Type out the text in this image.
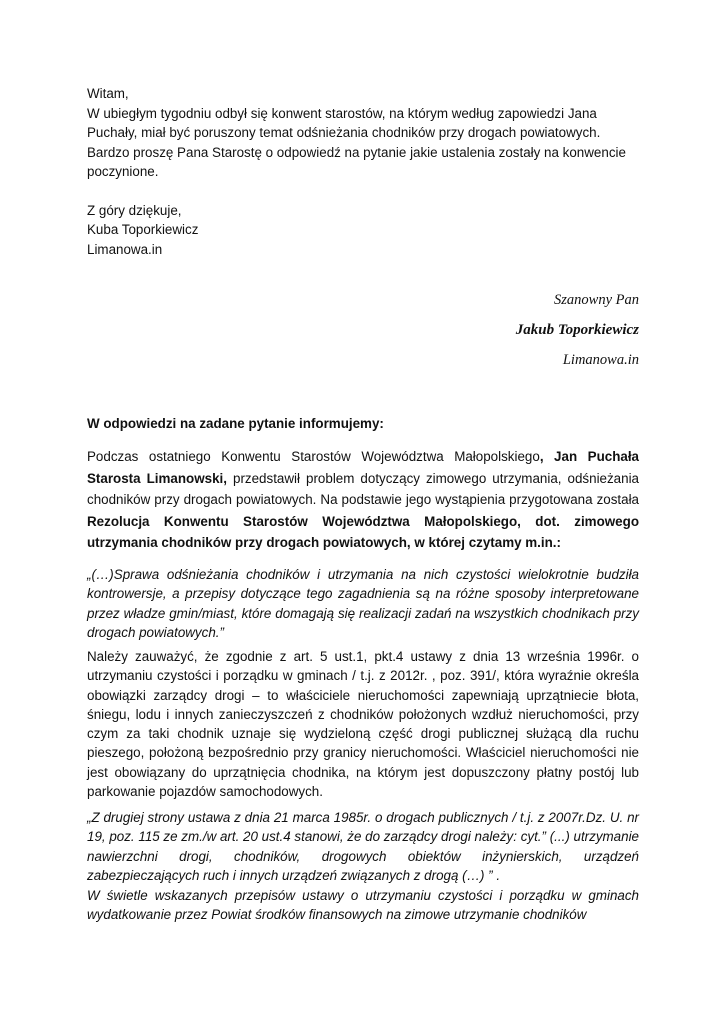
Witam,
W ubiegłym tygodniu odbył się konwent starostów, na którym według zapowiedzi Jana
Puchały, miał być poruszony temat odśnieżania chodników przy drogach powiatowych.
Bardzo proszę Pana Starostę o odpowiedź na pytanie jakie ustalenia zostały na konwencie
poczynione.
Z góry dziękuje,
Kuba Toporkiewicz
Limanowa.in
Szanowny Pan
Jakub Toporkiewicz
Limanowa.in
W odpowiedzi na zadane pytanie informujemy:
Podczas ostatniego Konwentu Starostów Województwa Małopolskiego, Jan Puchała Starosta Limanowski, przedstawił problem dotyczący zimowego utrzymania, odśnieżania chodników przy drogach powiatowych. Na podstawie jego wystąpienia przygotowana została Rezolucja Konwentu Starostów Województwa Małopolskiego, dot. zimowego utrzymania chodników przy drogach powiatowych, w której czytamy m.in.:
„(…)Sprawa odśnieżania chodników i utrzymania na nich czystości wielokrotnie budziła kontrowersje, a przepisy dotyczące tego zagadnienia są na różne sposoby interpretowane przez władze gmin/miast, które domagają się realizacji zadań na wszystkich chodnikach przy drogach powiatowych.”
Należy zauważyć, że zgodnie z art. 5 ust.1, pkt.4 ustawy z dnia 13 września 1996r. o utrzymaniu czystości i porządku w gminach / t.j. z 2012r. , poz. 391/, która wyraźnie określa obowiązki zarządcy drogi – to właściciele nieruchomości zapewniają uprzątniecie błota, śniegu, lodu i innych zanieczyszczeń z chodników położonych wzdłuż nieruchomości, przy czym za taki chodnik uznaje się wydzieloną część drogi publicznej służącą dla ruchu pieszego, położoną bezpośrednio przy granicy nieruchomości. Właściciel nieruchomości nie jest obowiązany do uprzątnięcia chodnika, na którym jest dopuszczony płatny postój lub parkowanie pojazdów samochodowych.
„Z drugiej strony ustawa z dnia 21 marca 1985r. o drogach publicznych / t.j. z 2007r.Dz. U. nr 19, poz. 115 ze zm./w art. 20 ust.4 stanowi, że do zarządcy drogi należy: cyt.” (...) utrzymanie nawierzchni drogi, chodników, drogowych obiektów inżynierskich, urządzeń zabezpieczających ruch i innych urządzeń związanych z drogą (…) ” .
W świetle wskazanych przepisów ustawy o utrzymaniu czystości i porządku w gminach wydatkowanie przez Powiat środków finansowych na zimowe utrzymanie chodników
